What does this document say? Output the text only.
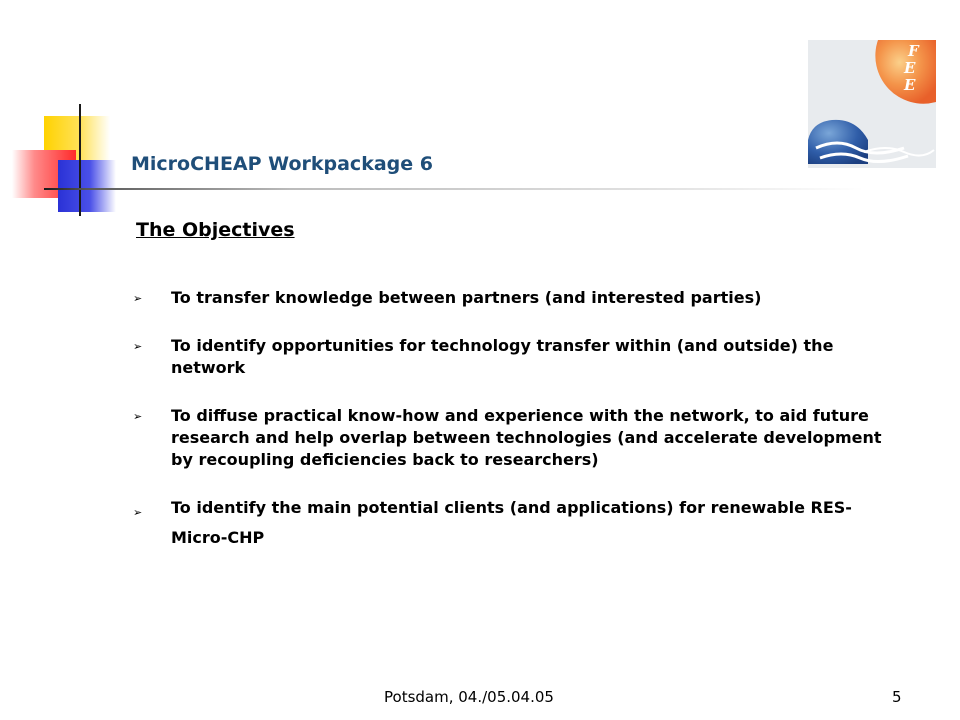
MicroCHEAP Workpackage 6
F
E
E
The Objectives
➢ To transfer knowledge between partners (and interested parties)
➢ To identify opportunities for technology transfer within (and outside) the network
➢ To diffuse practical know-how and experience with the network, to aid future research and help overlap between technologies (and accelerate development by recoupling deficiencies back to researchers)
➢ To identify the main potential clients (and applications) for renewable RES-Micro-CHP
Potsdam, 04./05.04.05	5
